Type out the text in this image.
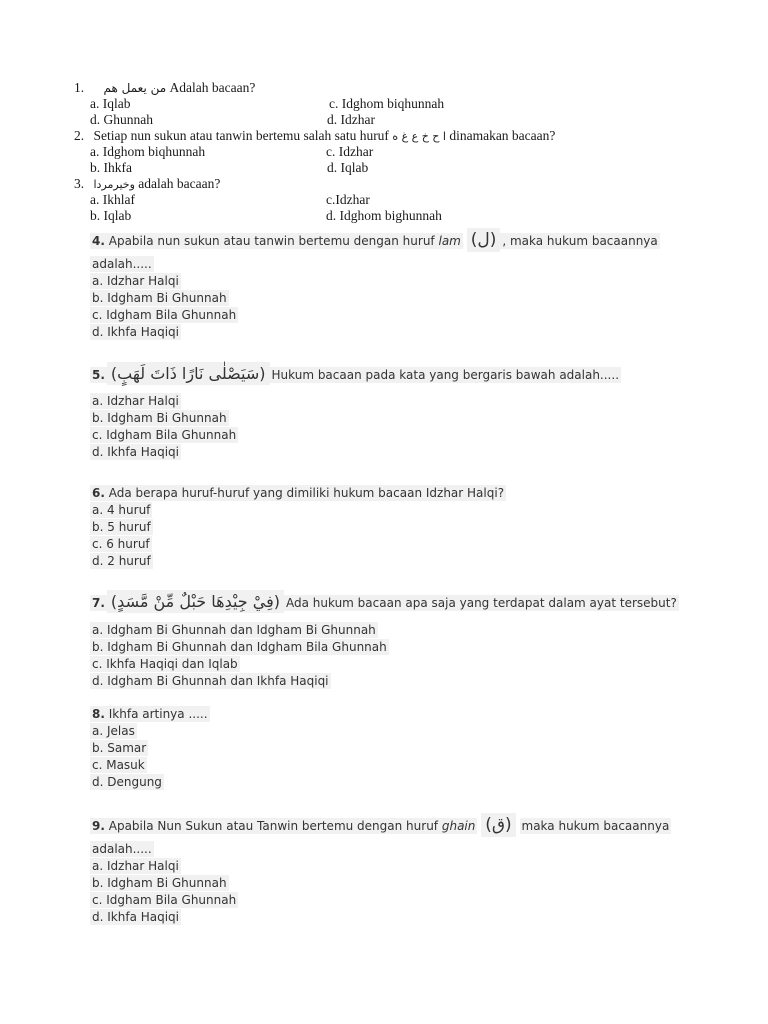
1. من يعمل هم Adalah bacaan?
a. Iqlab	c. Idghom biqhunnah
d. Ghunnah	d. Idzhar
2. Setiap nun sukun atau tanwin bertemu salah satu huruf ا ح خ ع غ ه dinamakan bacaan?
a. Idghom biqhunnah	c. Idzhar
b. Ihkfa	d. Iqlab
3. وخيرمردا adalah bacaan?
a. Ikhlaf	c.Idzhar
b. Iqlab	d. Idghom bighunnah
4. Apabila nun sukun atau tanwin bertemu dengan huruf lam (ل) , maka hukum bacaannya
adalah.....
a. Idzhar Halqi
b. Idgham Bi Ghunnah
c. Idgham Bila Ghunnah
d. Ikhfa Haqiqi
5. (سَيَصْلٰى نَارًا ذَاتَ لَهَبٍ) Hukum bacaan pada kata yang bergaris bawah adalah.....
a. Idzhar Halqi
b. Idgham Bi Ghunnah
c. Idgham Bila Ghunnah
d. Ikhfa Haqiqi
6. Ada berapa huruf-huruf yang dimiliki hukum bacaan Idzhar Halqi?
a. 4 huruf
b. 5 huruf
c. 6 huruf
d. 2 huruf
7. (فِيْ جِيْدِهَا حَبْلٌ مِّنْ مَّسَدٍ) Ada hukum bacaan apa saja yang terdapat dalam ayat tersebut?
a. Idgham Bi Ghunnah dan Idgham Bi Ghunnah
b. Idgham Bi Ghunnah dan Idgham Bila Ghunnah
c. Ikhfa Haqiqi dan Iqlab
d. Idgham Bi Ghunnah dan Ikhfa Haqiqi
8. Ikhfa artinya .....
a. Jelas
b. Samar
c. Masuk
d. Dengung
9. Apabila Nun Sukun atau Tanwin bertemu dengan huruf ghain (ق) maka hukum bacaannya
adalah.....
a. Idzhar Halqi
b. Idgham Bi Ghunnah
c. Idgham Bila Ghunnah
d. Ikhfa Haqiqi
